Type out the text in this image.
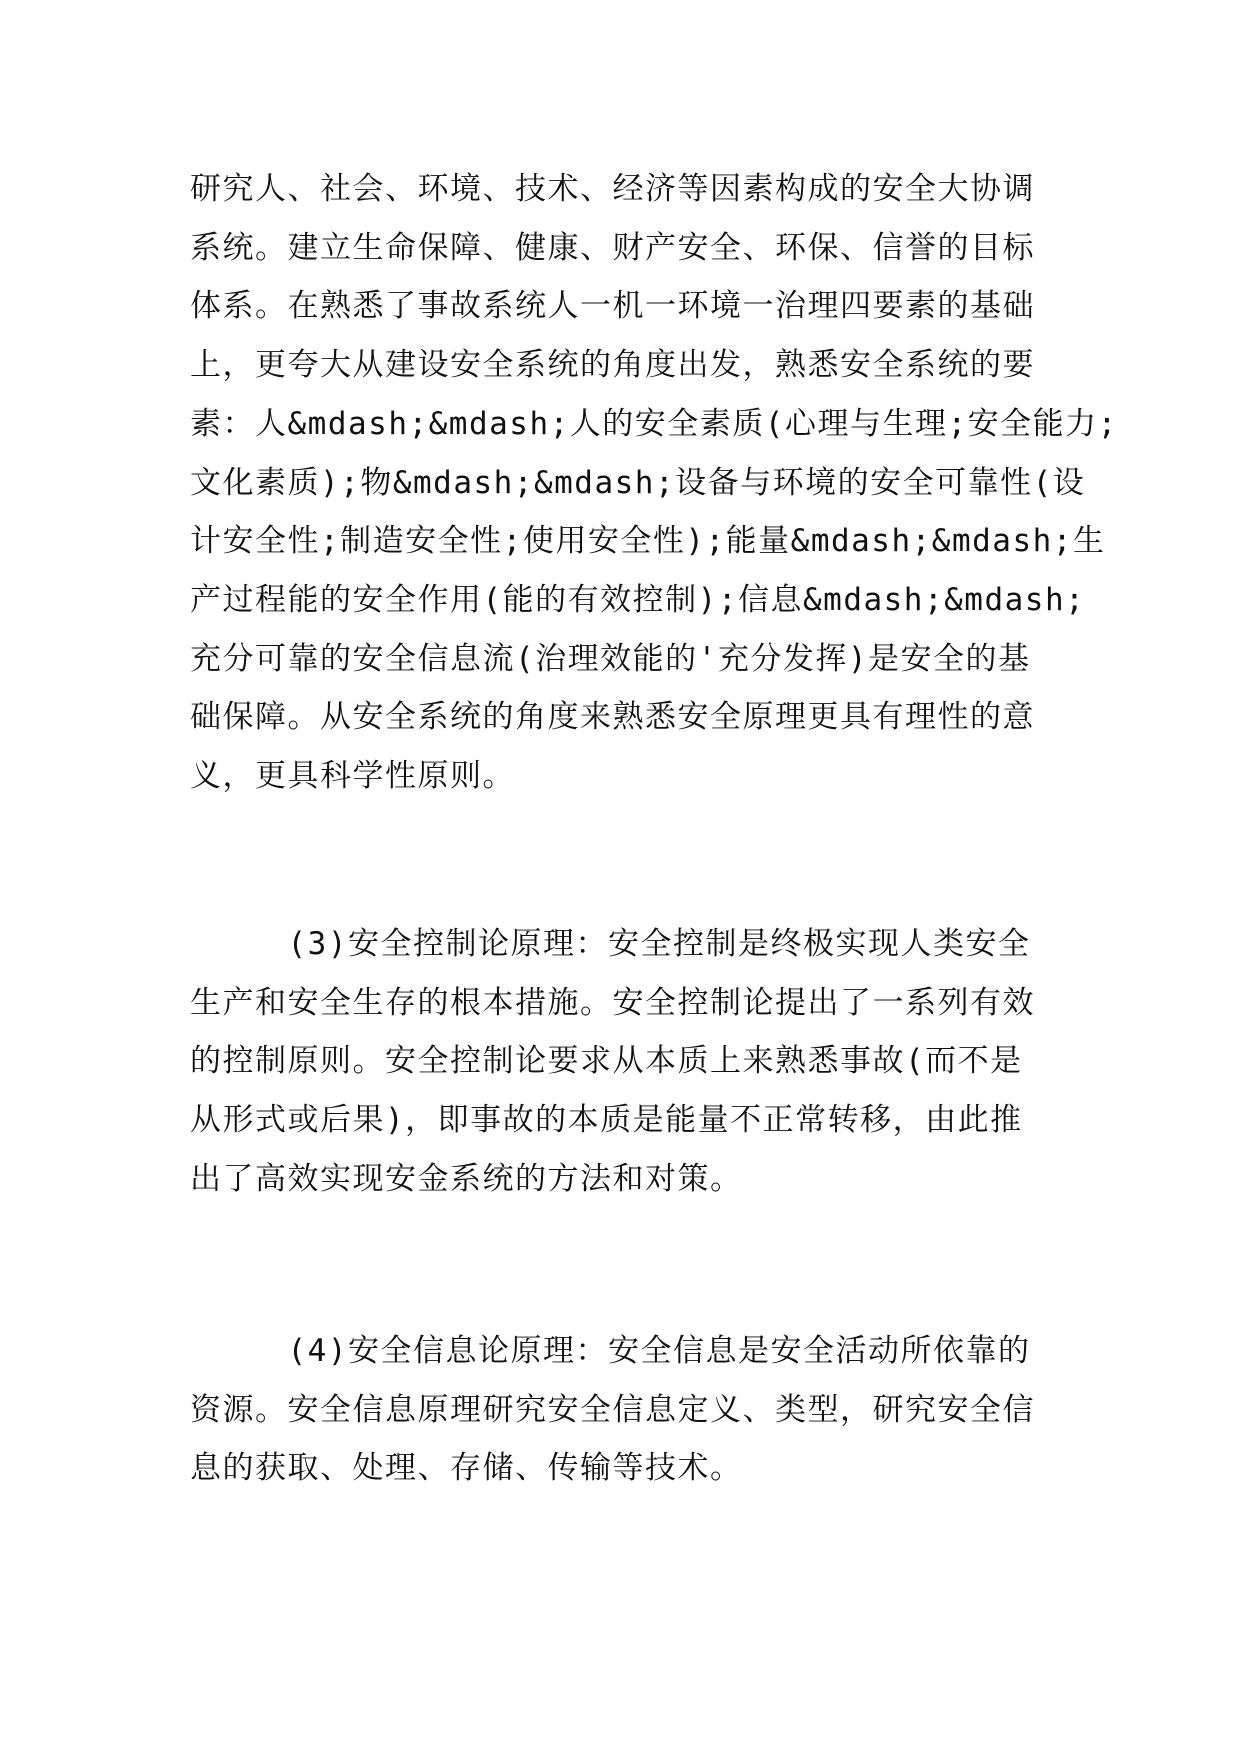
研究人、社会、环境、技术、经济等因素构成的安全大协调
系统。建立生命保障、健康、财产安全、环保、信誉的目标
体系。在熟悉了事故系统人一机一环境一治理四要素的基础
上，更夸大从建设安全系统的角度出发，熟悉安全系统的要
素：人&mdash;&mdash;人的安全素质(心理与生理;安全能力;
文化素质);物&mdash;&mdash;设备与环境的安全可靠性(设
计安全性;制造安全性;使用安全性);能量&mdash;&mdash;生
产过程能的安全作用(能的有效控制);信息&mdash;&mdash;
充分可靠的安全信息流(治理效能的'充分发挥)是安全的基
础保障。从安全系统的角度来熟悉安全原理更具有理性的意
义，更具科学性原则。
　　　(3)安全控制论原理：安全控制是终极实现人类安全
生产和安全生存的根本措施。安全控制论提出了一系列有效
的控制原则。安全控制论要求从本质上来熟悉事故(而不是
从形式或后果)，即事故的本质是能量不正常转移，由此推
出了高效实现安金系统的方法和对策。
　　　(4)安全信息论原理：安全信息是安全活动所依靠的
资源。安全信息原理研究安全信息定义、类型，研究安全信
息的获取、处理、存储、传输等技术。
